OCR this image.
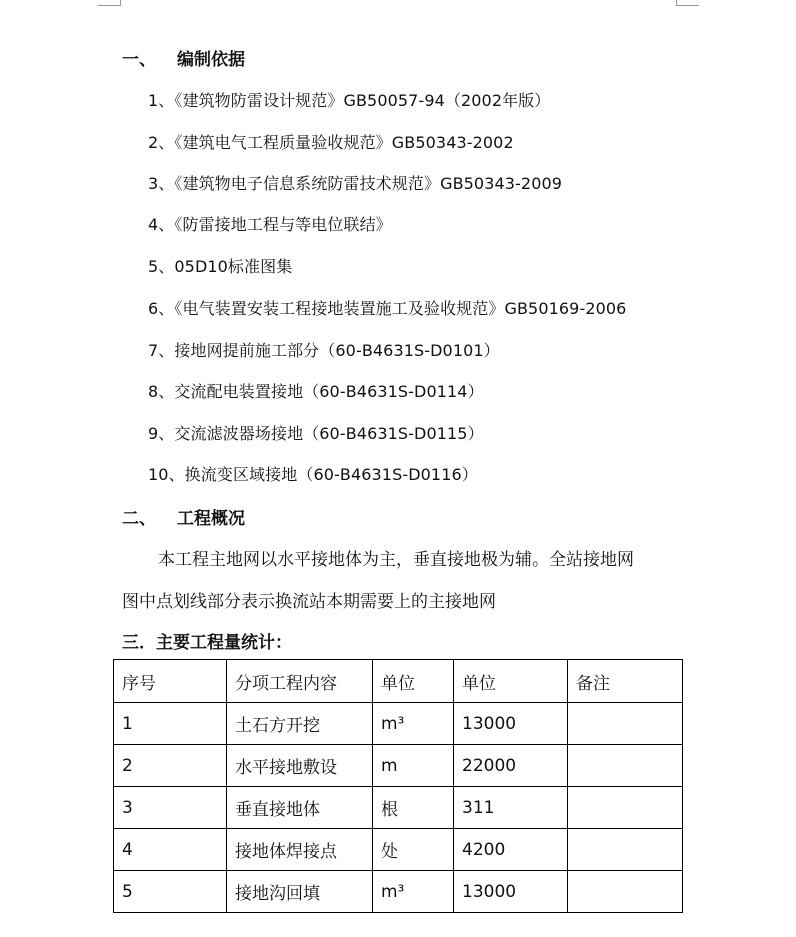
一、 编制依据
1、《建筑物防雷设计规范》GB50057-94（2002年版）
2、《建筑电气工程质量验收规范》GB50343-2002
3、《建筑物电子信息系统防雷技术规范》GB50343-2009
4、《防雷接地工程与等电位联结》
5、05D10标准图集
6、《电气装置安装工程接地装置施工及验收规范》GB50169-2006
7、接地网提前施工部分（60-B4631S-D0101）
8、交流配电装置接地（60-B4631S-D0114）
9、交流滤波器场接地（60-B4631S-D0115）
10、换流变区域接地（60-B4631S-D0116）
二、 工程概况
本工程主地网以水平接地体为主，垂直接地极为辅。全站接地网
图中点划线部分表示换流站本期需要上的主接地网
三．主要工程量统计：
序号	分项工程内容	单位	单位	备注
1	土石方开挖	m³	13000	
2	水平接地敷设	m	22000	
3	垂直接地体	根	311	
4	接地体焊接点	处	4200	
5	接地沟回填	m³	13000	
